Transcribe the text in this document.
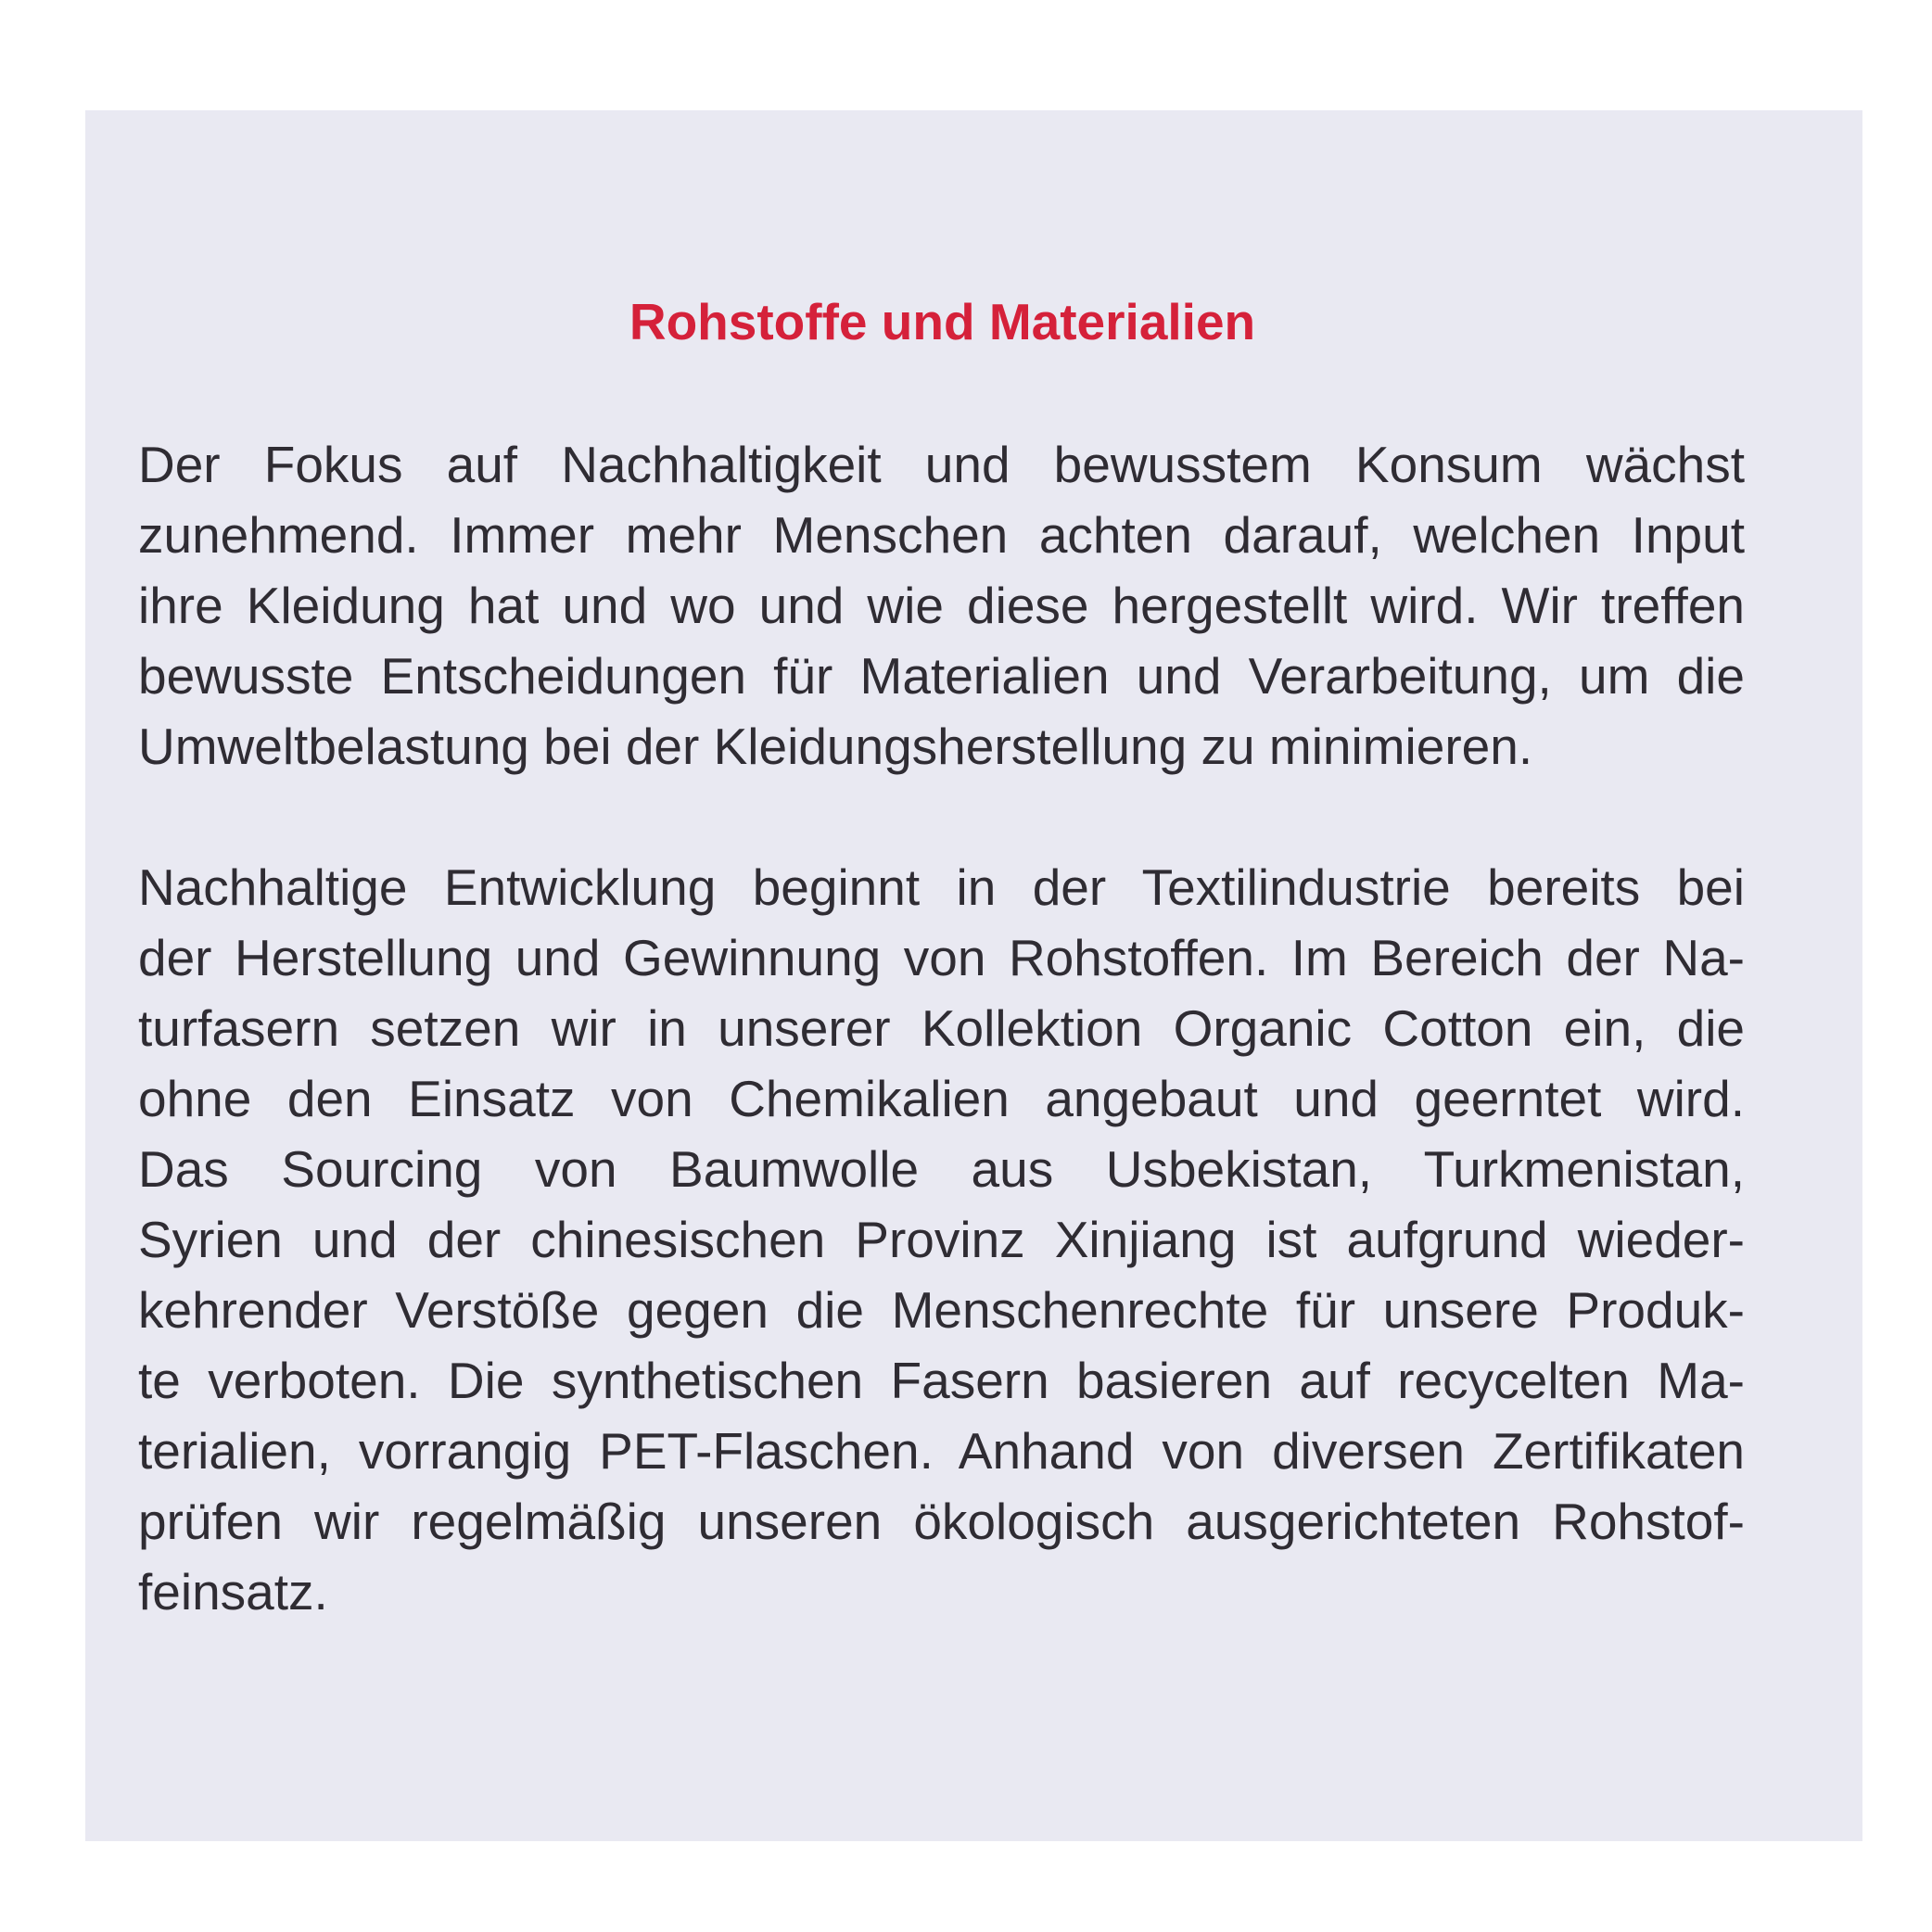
Rohstoffe und Materialien

Der Fokus auf Nachhaltigkeit und bewusstem Konsum wächst
zunehmend. Immer mehr Menschen achten darauf, welchen Input
ihre Kleidung hat und wo und wie diese hergestellt wird. Wir treffen
bewusste Entscheidungen für Materialien und Verarbeitung, um die
Umweltbelastung bei der Kleidungsherstellung zu minimieren.

Nachhaltige Entwicklung beginnt in der Textilindustrie bereits bei
der Herstellung und Gewinnung von Rohstoffen. Im Bereich der Na-
turfasern setzen wir in unserer Kollektion Organic Cotton ein, die
ohne den Einsatz von Chemikalien angebaut und geerntet wird.
Das Sourcing von Baumwolle aus Usbekistan, Turkmenistan,
Syrien und der chinesischen Provinz Xinjiang ist aufgrund wieder-
kehrender Verstöße gegen die Menschenrechte für unsere Produk-
te verboten. Die synthetischen Fasern basieren auf recycelten Ma-
terialien, vorrangig PET-Flaschen. Anhand von diversen Zertifikaten
prüfen wir regelmäßig unseren ökologisch ausgerichteten Rohstof-
feinsatz.
